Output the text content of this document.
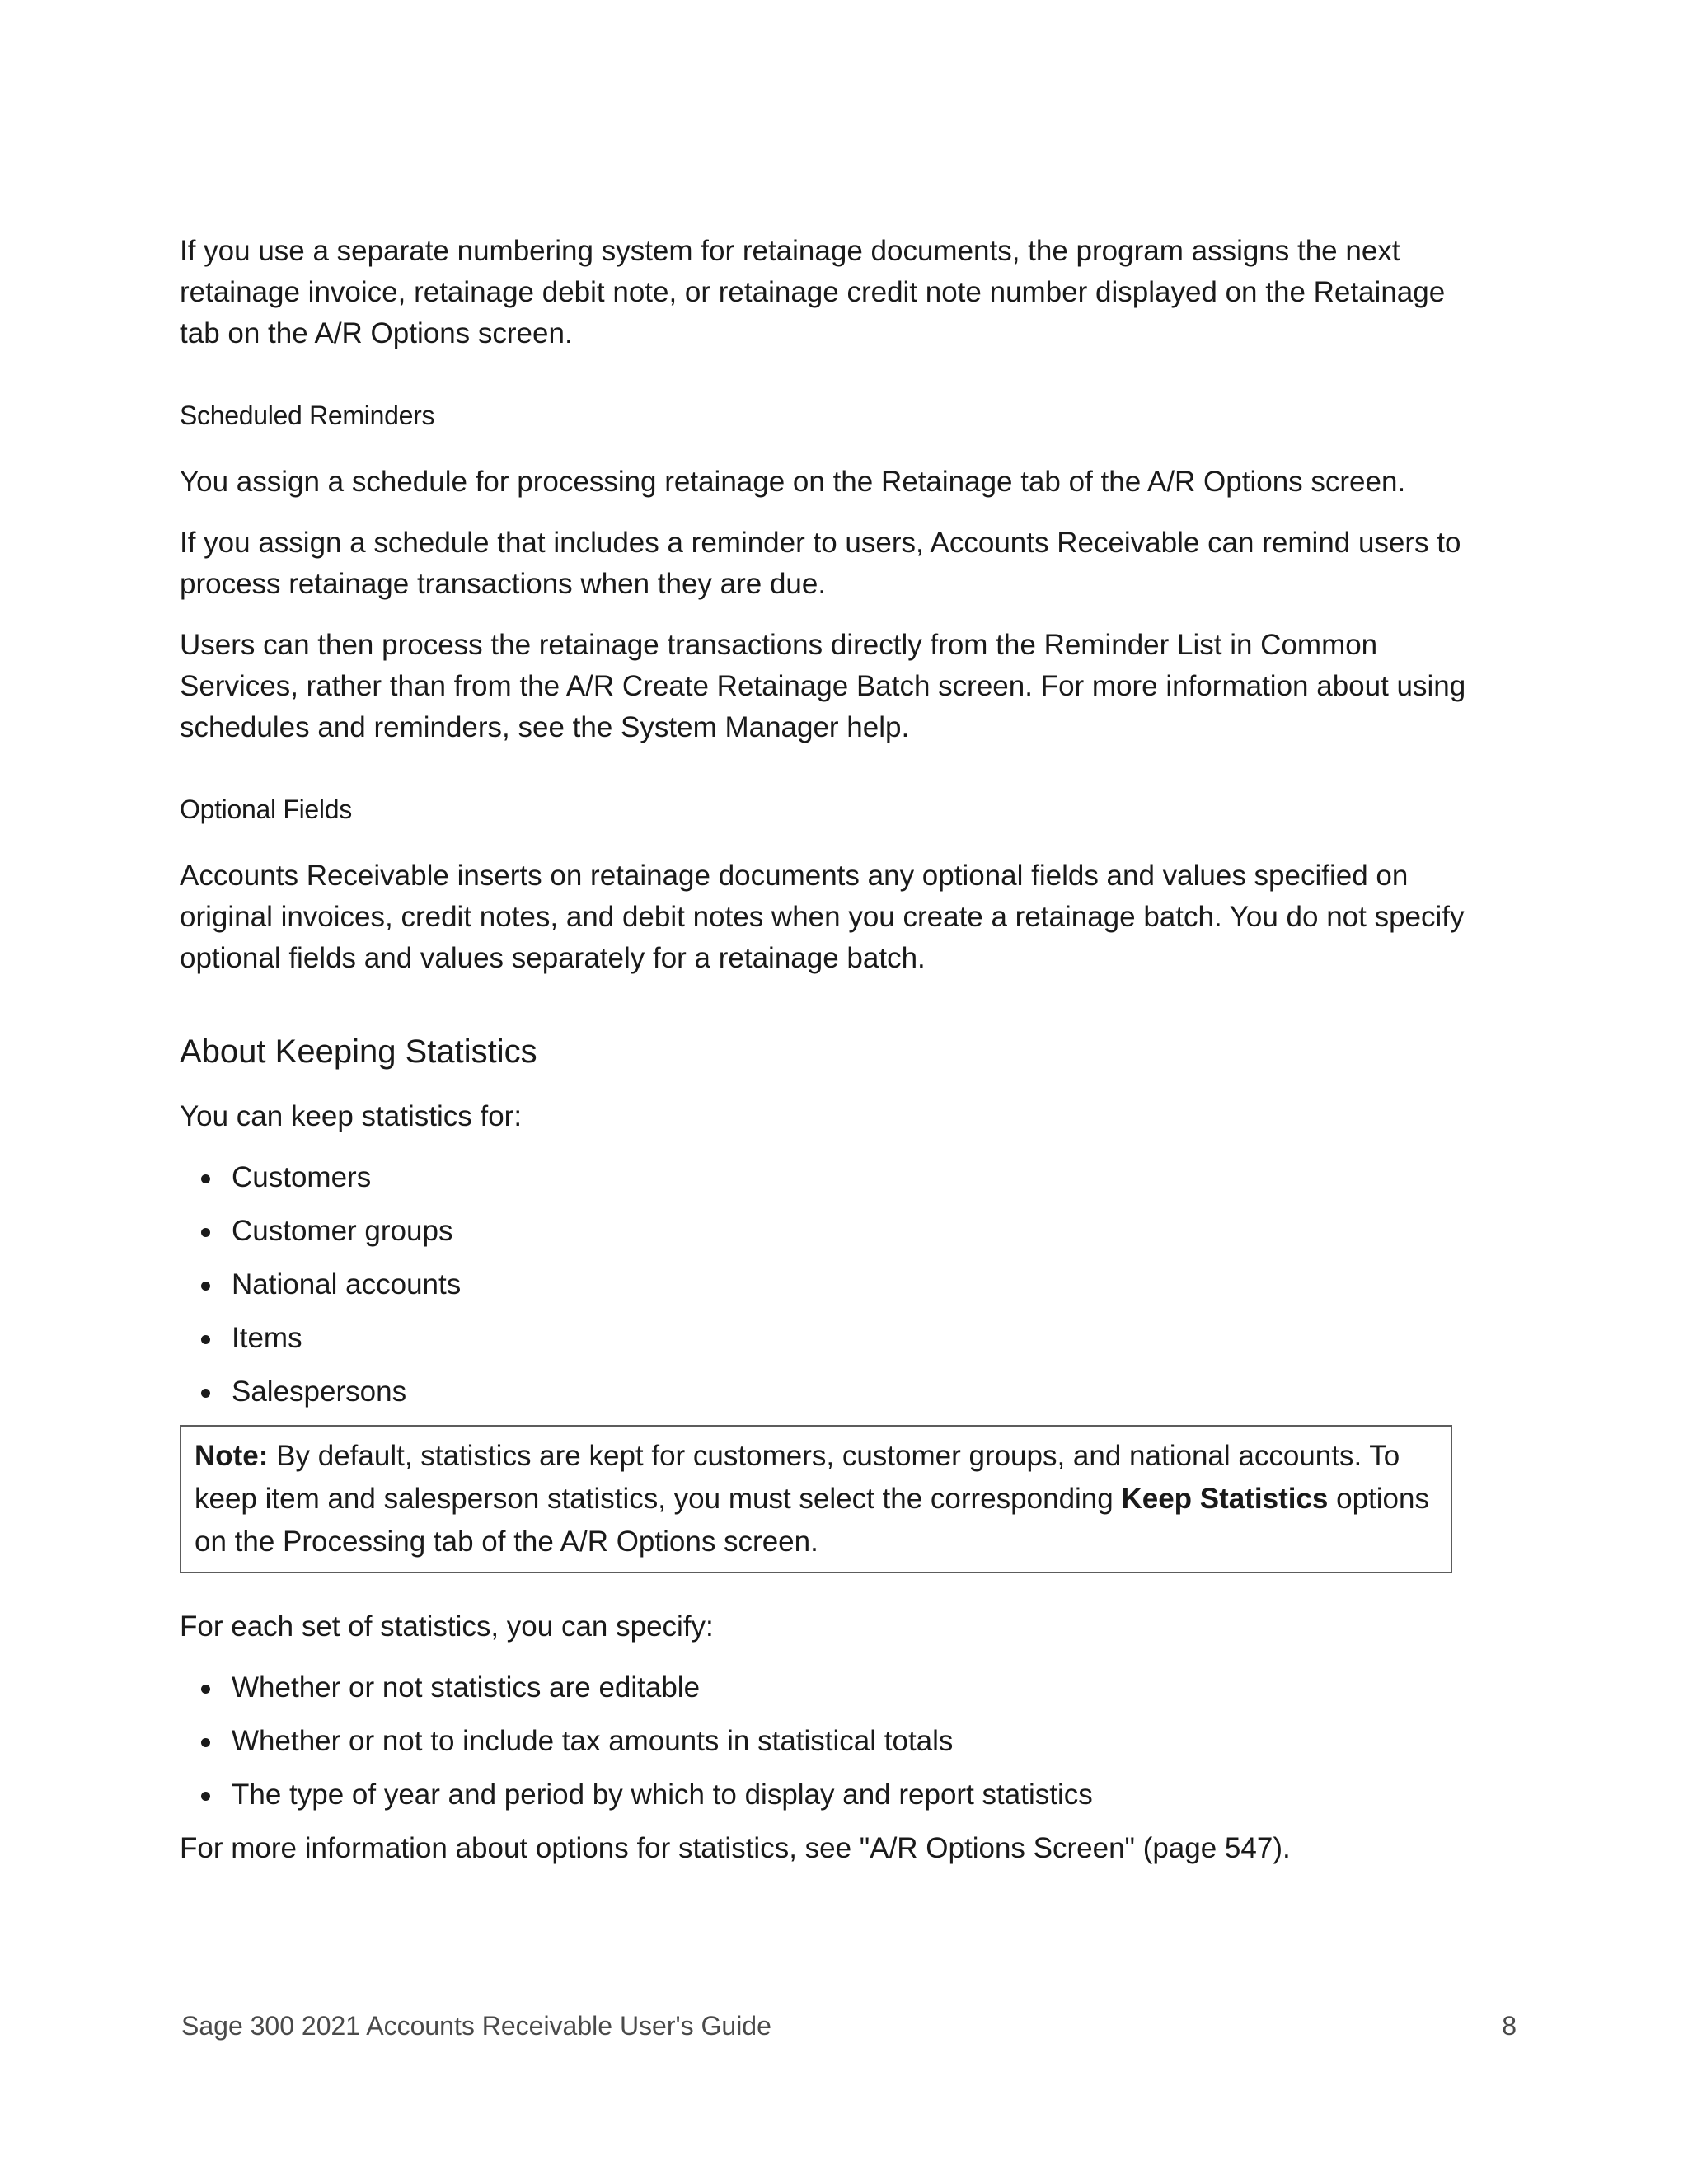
If you use a separate numbering system for retainage documents, the program assigns the next retainage invoice, retainage debit note, or retainage credit note number displayed on the Retainage tab on the A/R Options screen.

Scheduled Reminders

You assign a schedule for processing retainage on the Retainage tab of the A/R Options screen.

If you assign a schedule that includes a reminder to users, Accounts Receivable can remind users to process retainage transactions when they are due.

Users can then process the retainage transactions directly from the Reminder List in Common Services, rather than from the A/R Create Retainage Batch screen. For more information about using schedules and reminders, see the System Manager help.

Optional Fields

Accounts Receivable inserts on retainage documents any optional fields and values specified on original invoices, credit notes, and debit notes when you create a retainage batch. You do not specify optional fields and values separately for a retainage batch.

About Keeping Statistics

You can keep statistics for:

Customers
Customer groups
National accounts
Items
Salespersons

Note: By default, statistics are kept for customers, customer groups, and national accounts. To keep item and salesperson statistics, you must select the corresponding Keep Statistics options on the Processing tab of the A/R Options screen.

For each set of statistics, you can specify:

Whether or not statistics are editable
Whether or not to include tax amounts in statistical totals
The type of year and period by which to display and report statistics

For more information about options for statistics, see "A/R Options Screen" (page 547).

Sage 300 2021 Accounts Receivable User's Guide	8
